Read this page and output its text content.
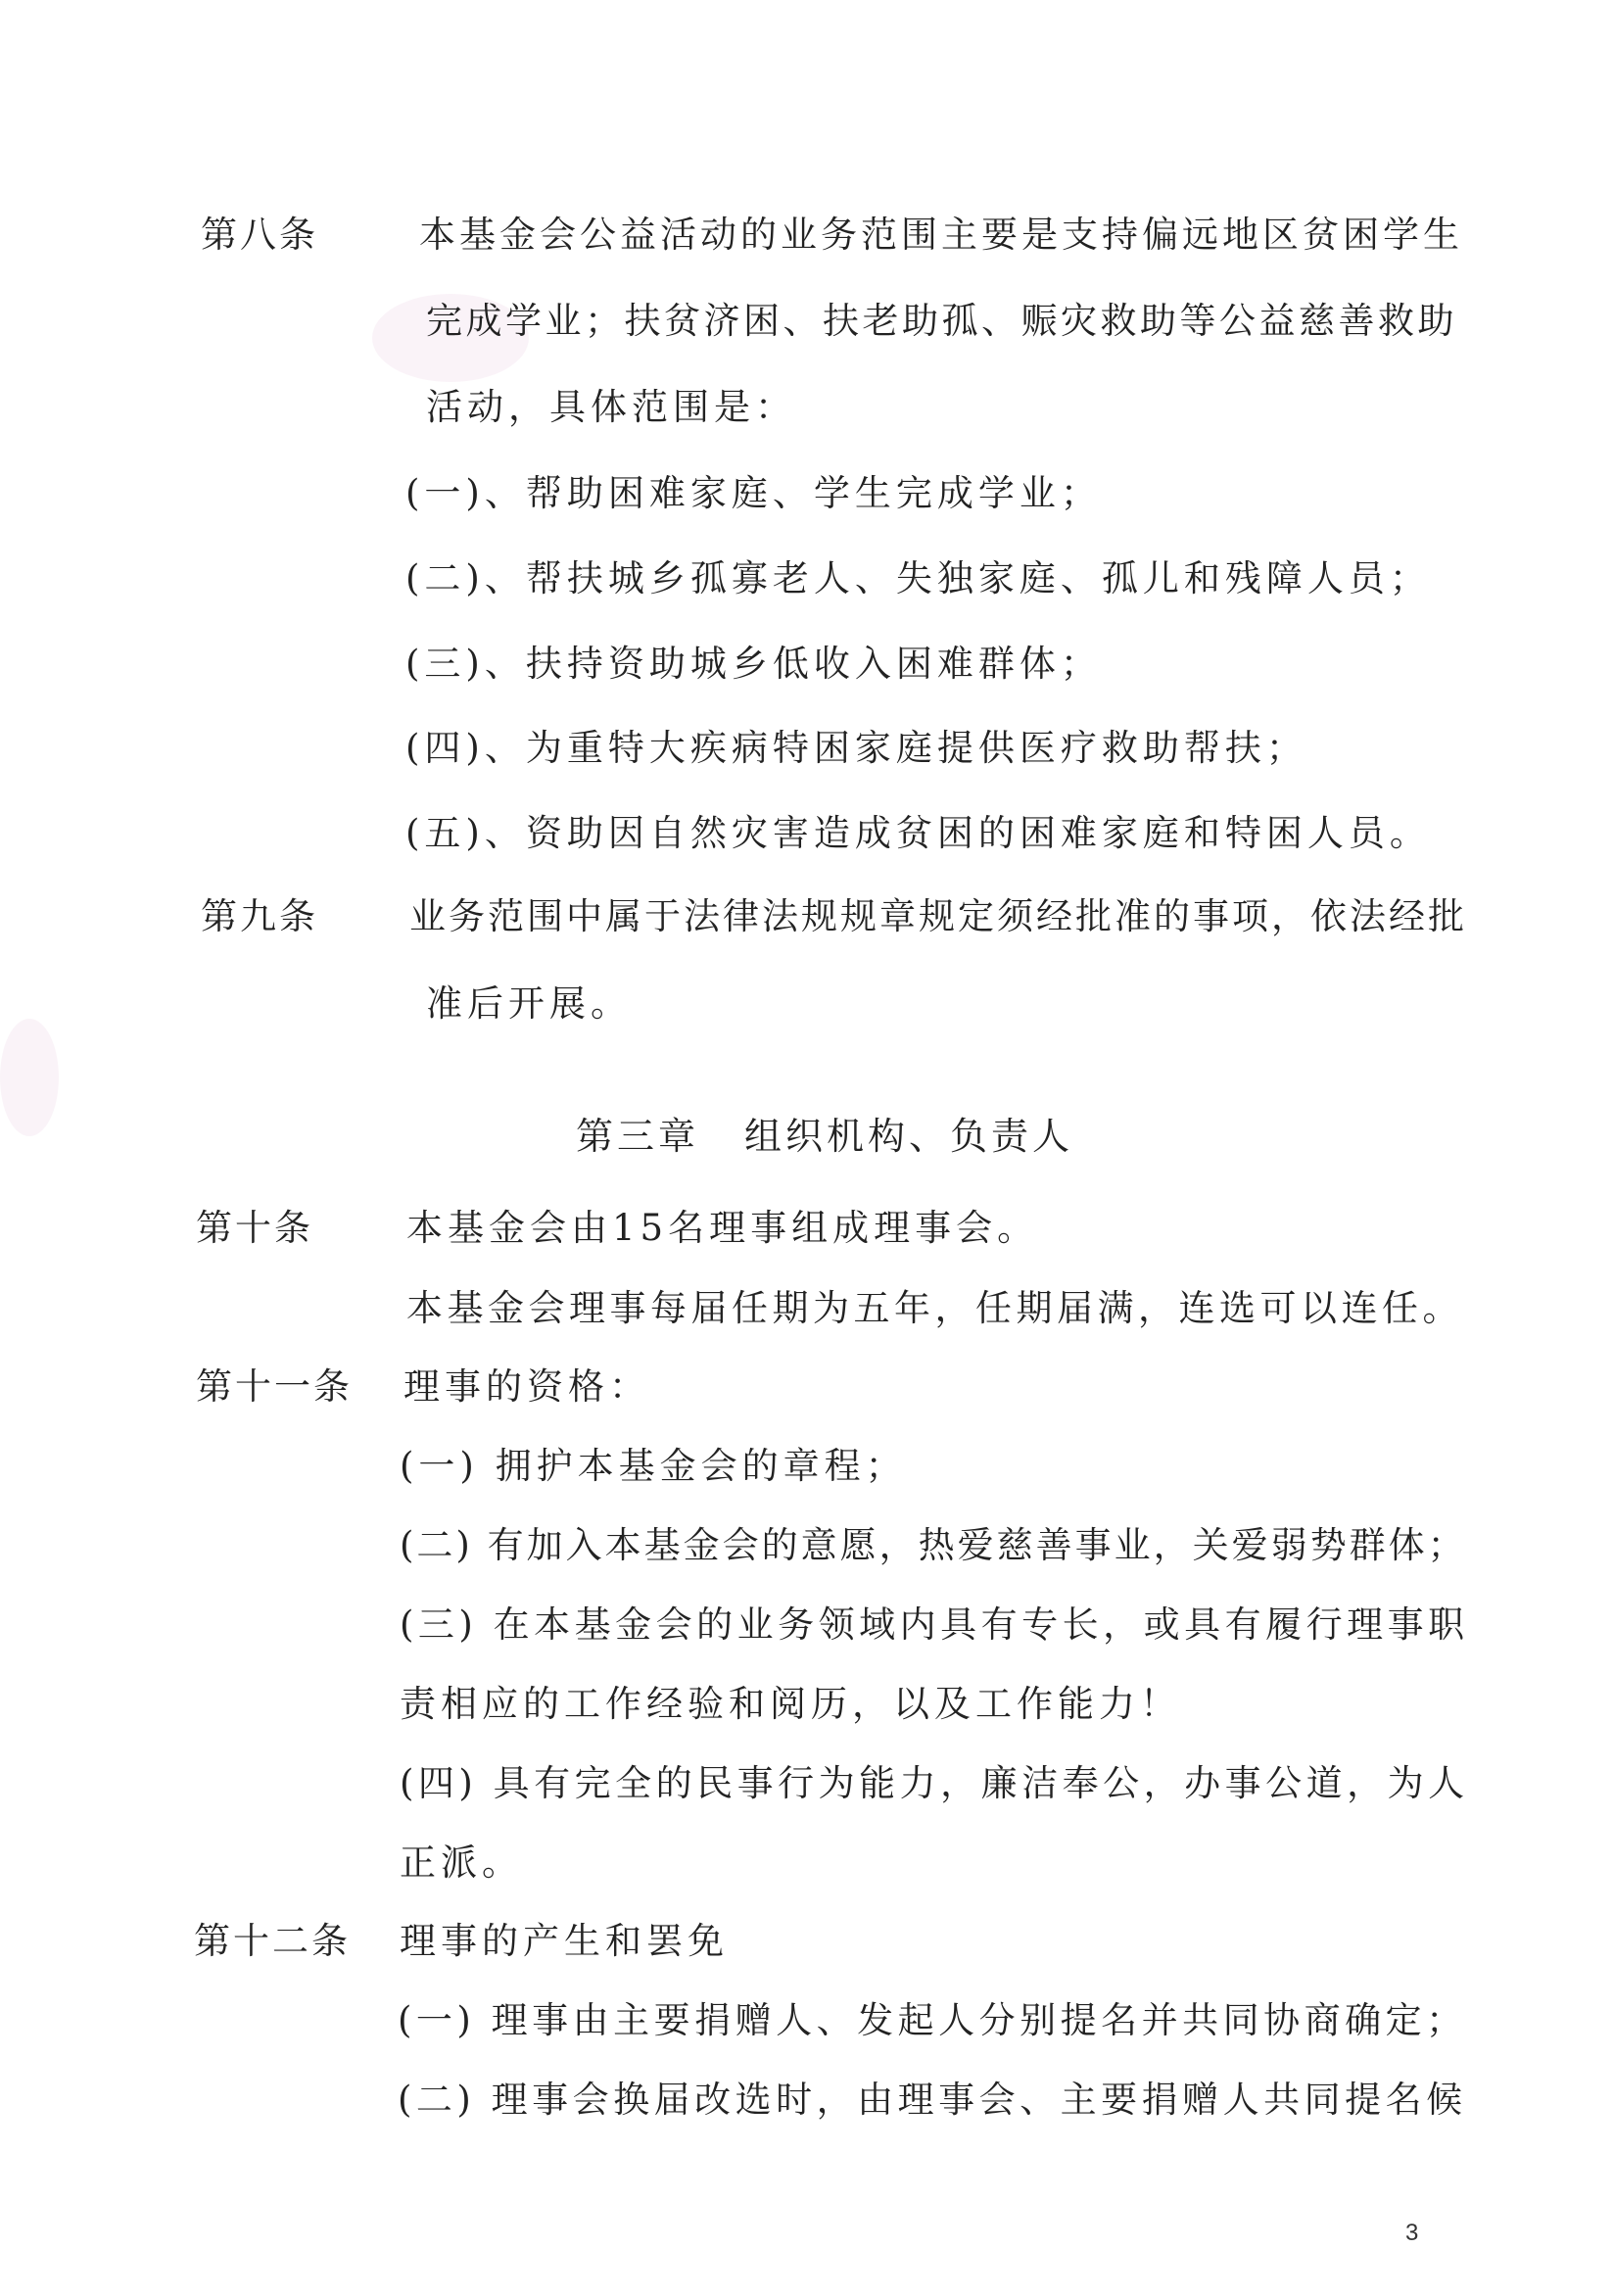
第八条	本基金会公益活动的业务范围主要是支持偏远地区贫困学生
完成学业；扶贫济困、扶老助孤、赈灾救助等公益慈善救助
活动，具体范围是：
(一)、帮助困难家庭、学生完成学业；
(二)、帮扶城乡孤寡老人、失独家庭、孤儿和残障人员；
(三)、扶持资助城乡低收入困难群体；
(四)、为重特大疾病特困家庭提供医疗救助帮扶；
(五)、资助因自然灾害造成贫困的困难家庭和特困人员。
第九条	业务范围中属于法律法规规章规定须经批准的事项，依法经批
准后开展。
第三章 组织机构、负责人
第十条	本基金会由15名理事组成理事会。
本基金会理事每届任期为五年，任期届满，连选可以连任。
第十一条 理事的资格：
(一) 拥护本基金会的章程；
(二) 有加入本基金会的意愿，热爱慈善事业，关爱弱势群体；
(三) 在本基金会的业务领域内具有专长，或具有履行理事职
责相应的工作经验和阅历，以及工作能力！
(四) 具有完全的民事行为能力，廉洁奉公，办事公道，为人
正派。
第十二条 理事的产生和罢免
(一) 理事由主要捐赠人、发起人分别提名并共同协商确定；
(二) 理事会换届改选时，由理事会、主要捐赠人共同提名候
3
